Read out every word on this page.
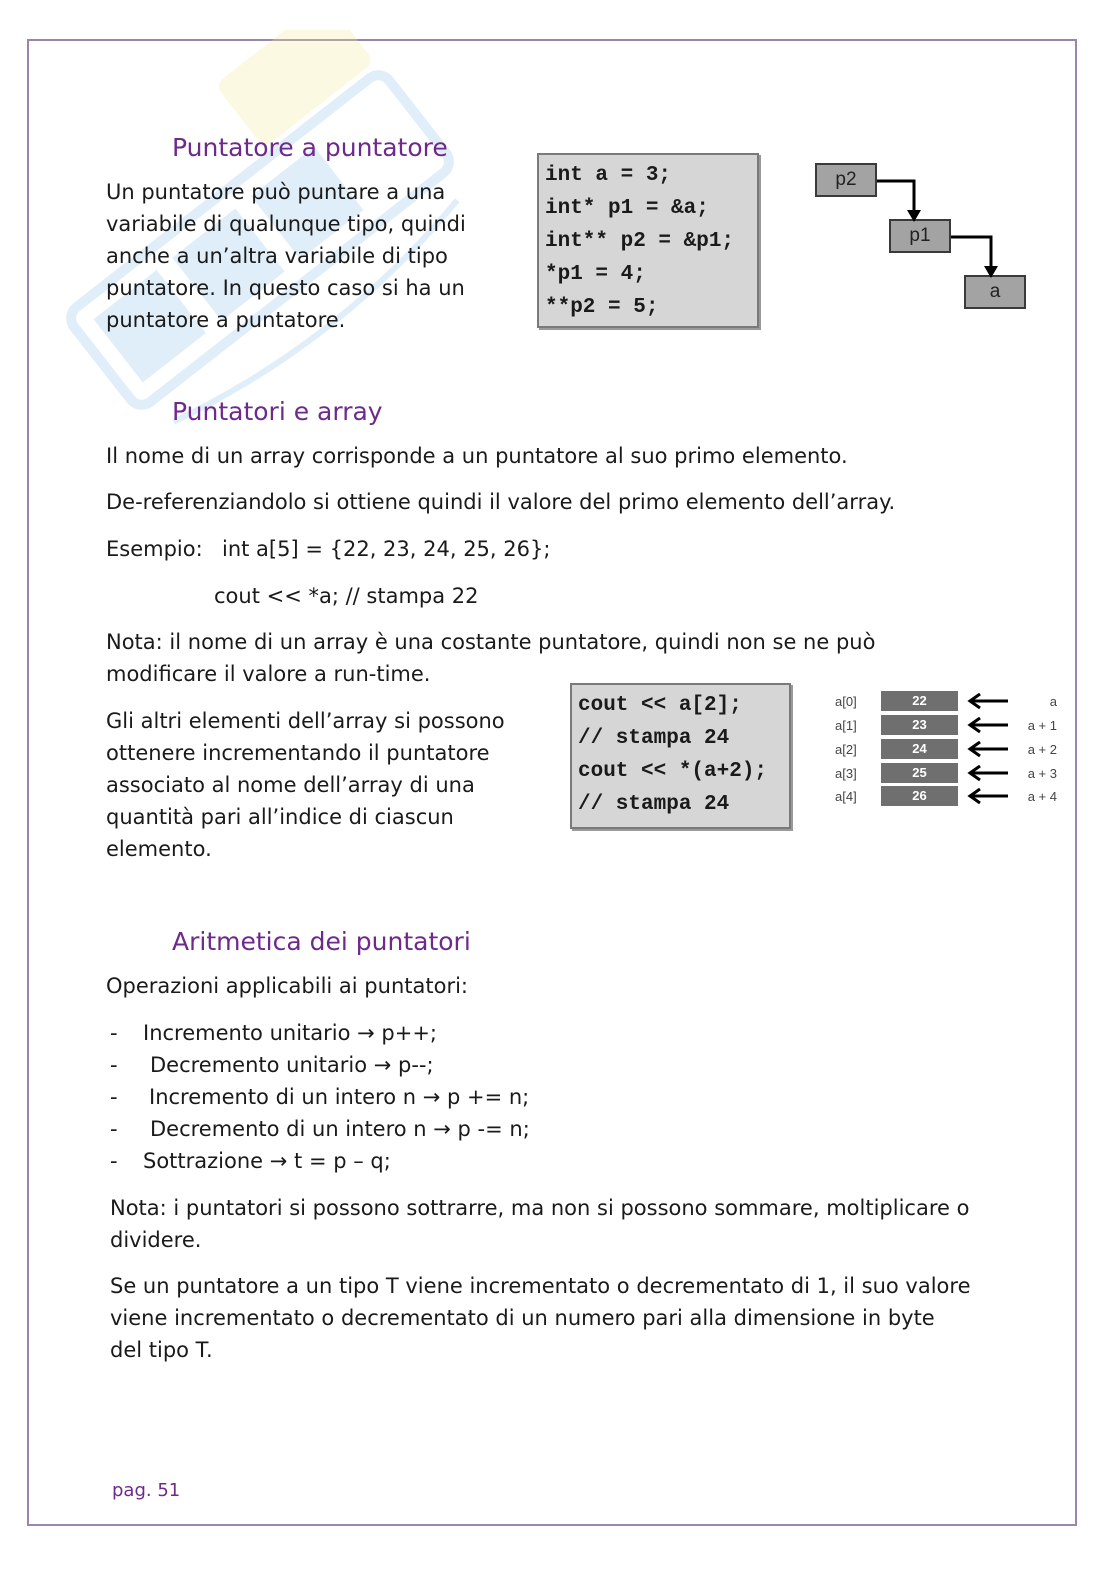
Puntatore a puntatore
Un puntatore può puntare a una
variabile di qualunque tipo, quindi
anche a un’altra variabile di tipo
puntatore. In questo caso si ha un
puntatore a puntatore.
int a = 3;
int* p1 = &a;
int** p2 = &p1;
*p1 = 4;
**p2 = 5;
p2
p1
a
Puntatori e array
Il nome di un array corrisponde a un puntatore al suo primo elemento.
De-referenziandolo si ottiene quindi il valore del primo elemento dell’array.
Esempio: int a[5] = {22, 23, 24, 25, 26};
cout << *a; // stampa 22
Nota: il nome di un array è una costante puntatore, quindi non se ne può
modificare il valore a run-time.
Gli altri elementi dell’array si possono
ottenere incrementando il puntatore
associato al nome dell’array di una
quantità pari all’indice di ciascun
elemento.
cout << a[2];
// stampa 24
cout << *(a+2);
// stampa 24
a[0]
a[1]
a[2]
a[3]
a[4]
22
23
24
25
26
a
a + 1
a + 2
a + 3
a + 4
Aritmetica dei puntatori
Operazioni applicabili ai puntatori:
- Incremento unitario → p++;
- Decremento unitario → p--;
- Incremento di un intero n → p += n;
- Decremento di un intero n → p -= n;
- Sottrazione → t = p – q;
Nota: i puntatori si possono sottrarre, ma non si possono sommare, moltiplicare o
dividere.
Se un puntatore a un tipo T viene incrementato o decrementato di 1, il suo valore
viene incrementato o decrementato di un numero pari alla dimensione in byte
del tipo T.
pag. 51
